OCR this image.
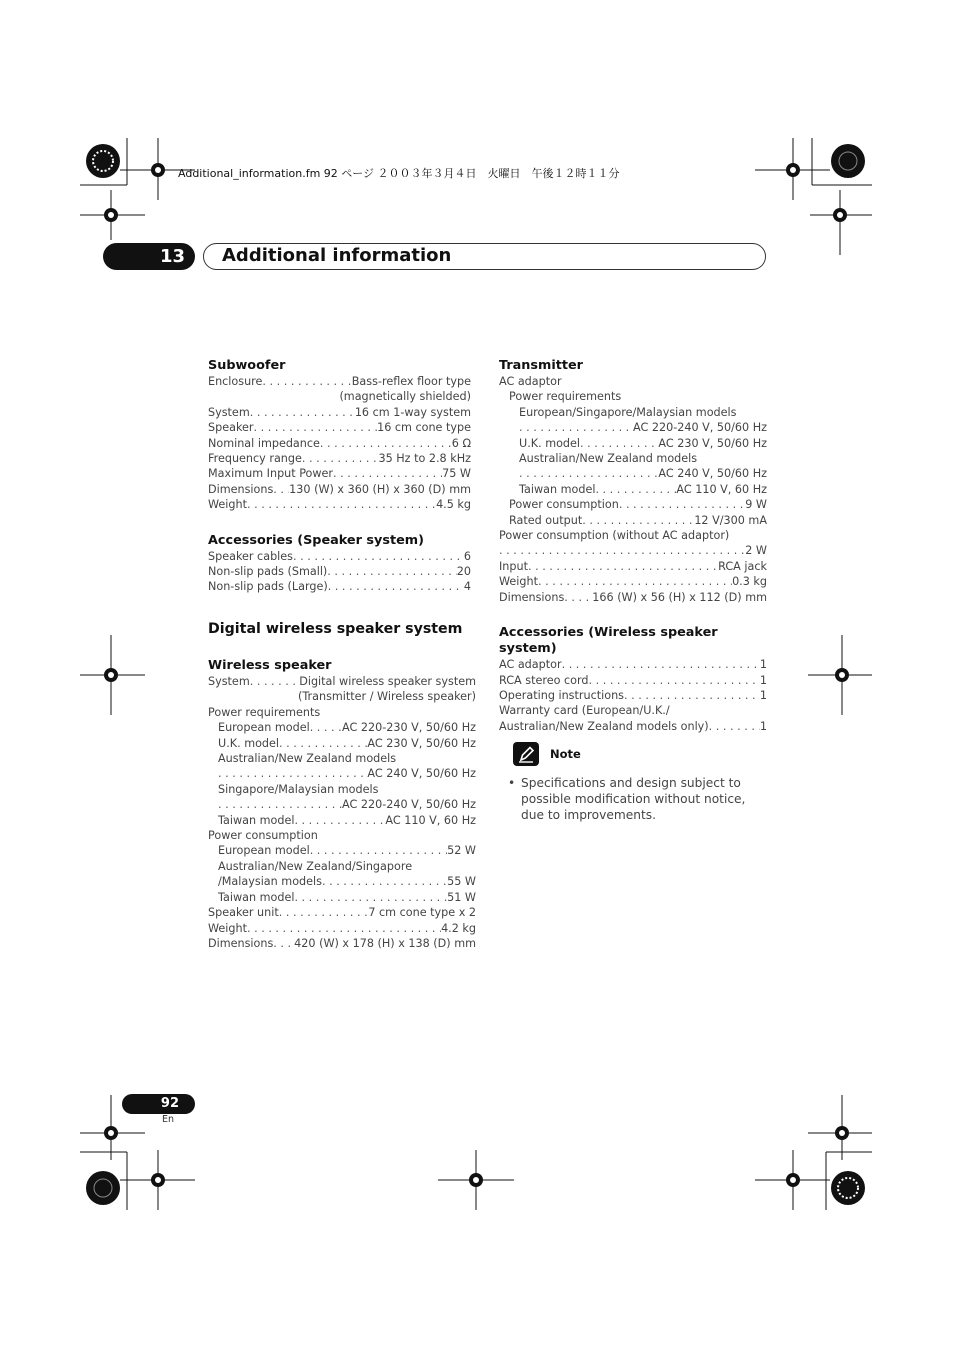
Additional_information.fm 92 ページ ２００３年３月４日　火曜日　午後１２時１１分
13	Additional information
Subwoofer
Enclosure . . .	Bass-reflex floor type
(magnetically shielded)
System . . .	16 cm 1-way system
Speaker . . .	16 cm cone type
Nominal impedance . . .	6 Ω
Frequency range . . .	35 Hz to 2.8 kHz
Maximum Input Power . . .	75 W
Dimensions . . . 130 (W) x 360 (H) x 360 (D) mm
Weight . . .	4.5 kg
Accessories (Speaker system)
Speaker cables . . .	6
Non-slip pads (Small) . . .	20
Non-slip pads (Large) . . .	4
Digital wireless speaker system
Wireless speaker
System . . .	Digital wireless speaker system
(Transmitter / Wireless speaker)
Power requirements
European model . . .	AC 220-230 V, 50/60 Hz
U.K. model . . .	AC 230 V, 50/60 Hz
Australian/New Zealand models
. . .
AC 240 V, 50/60 Hz
Singapore/Malaysian models
. . .
AC 220-240 V, 50/60 Hz
Taiwan model . . .	AC 110 V, 60 Hz
Power consumption
European model . . .	52 W
Australian/New Zealand/Singapore
/Malaysian models . . .	55 W
Taiwan model . . .	51 W
Speaker unit . . .	7 cm cone type x 2
Weight . . .	4.2 kg
Dimensions . . . 420 (W) x 178 (H) x 138 (D) mm
Transmitter
AC adaptor
Power requirements
European/Singapore/Malaysian models
. . .
AC 220-240 V, 50/60 Hz
U.K. model . . .	AC 230 V, 50/60 Hz
Australian/New Zealand models
. . .
AC 240 V, 50/60 Hz
Taiwan model . . .	AC 110 V, 60 Hz
Power consumption . . .	9 W
Rated output . . .	12 V/300 mA
Power consumption (without AC adaptor)
. . .
2 W
Input . . .	RCA jack
Weight . . .	0.3 kg
Dimensions . . . 166 (W) x 56 (H) x 112 (D) mm
Accessories (Wireless speaker system)
AC adaptor . . .	1
RCA stereo cord . . .	1
Operating instructions . . .	1
Warranty card (European/U.K./
Australian/New Zealand models only) . . .	1
Note
• Specifications and design subject to possible modification without notice, due to improvements.
92
En
